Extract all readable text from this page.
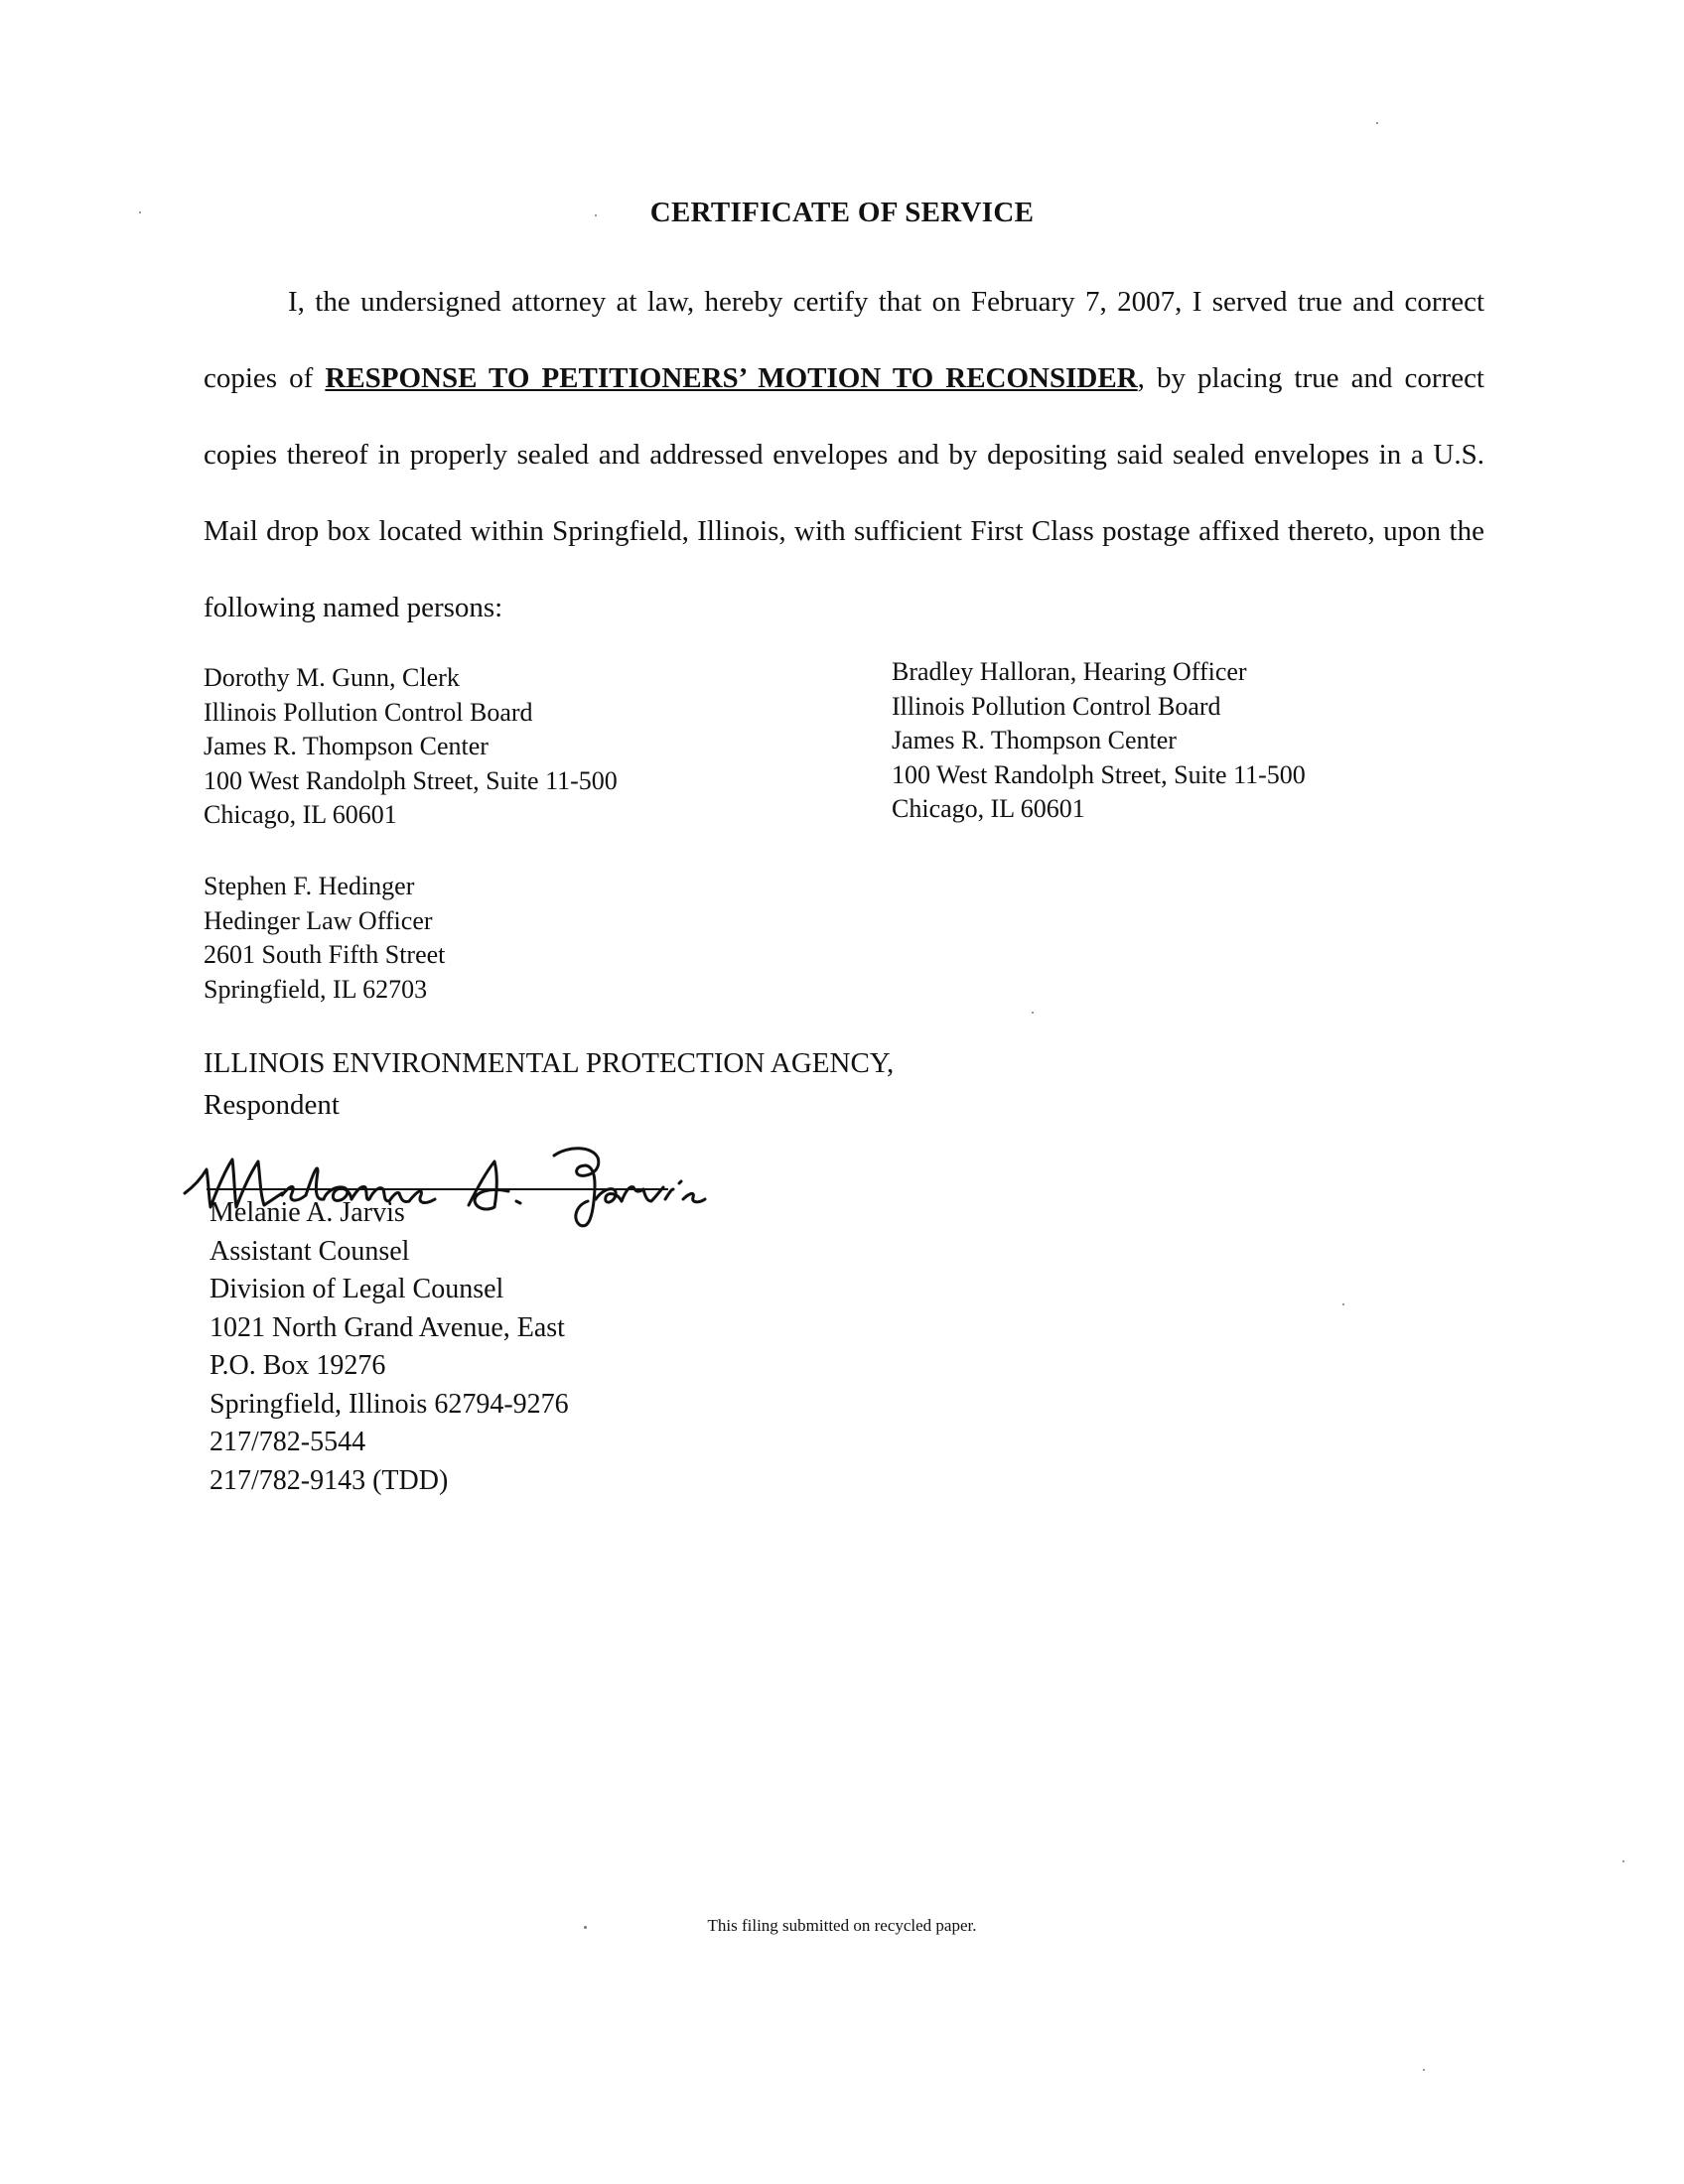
CERTIFICATE OF SERVICE
I, the undersigned attorney at law, hereby certify that on February 7, 2007, I served true and correct copies of RESPONSE TO PETITIONERS’ MOTION TO RECONSIDER, by placing true and correct copies thereof in properly sealed and addressed envelopes and by depositing said sealed envelopes in a U.S. Mail drop box located within Springfield, Illinois, with sufficient First Class postage affixed thereto, upon the following named persons:
Dorothy M. Gunn, Clerk
Illinois Pollution Control Board
James R. Thompson Center
100 West Randolph Street, Suite 11-500
Chicago, IL 60601
Bradley Halloran, Hearing Officer
Illinois Pollution Control Board
James R. Thompson Center
100 West Randolph Street, Suite 11-500
Chicago, IL 60601
Stephen F. Hedinger
Hedinger Law Officer
2601 South Fifth Street
Springfield, IL 62703
ILLINOIS ENVIRONMENTAL PROTECTION AGENCY,
Respondent
Melanie A. Jarvis
Assistant Counsel
Division of Legal Counsel
1021 North Grand Avenue, East
P.O. Box 19276
Springfield, Illinois 62794-9276
217/782-5544
217/782-9143 (TDD)
This filing submitted on recycled paper.
